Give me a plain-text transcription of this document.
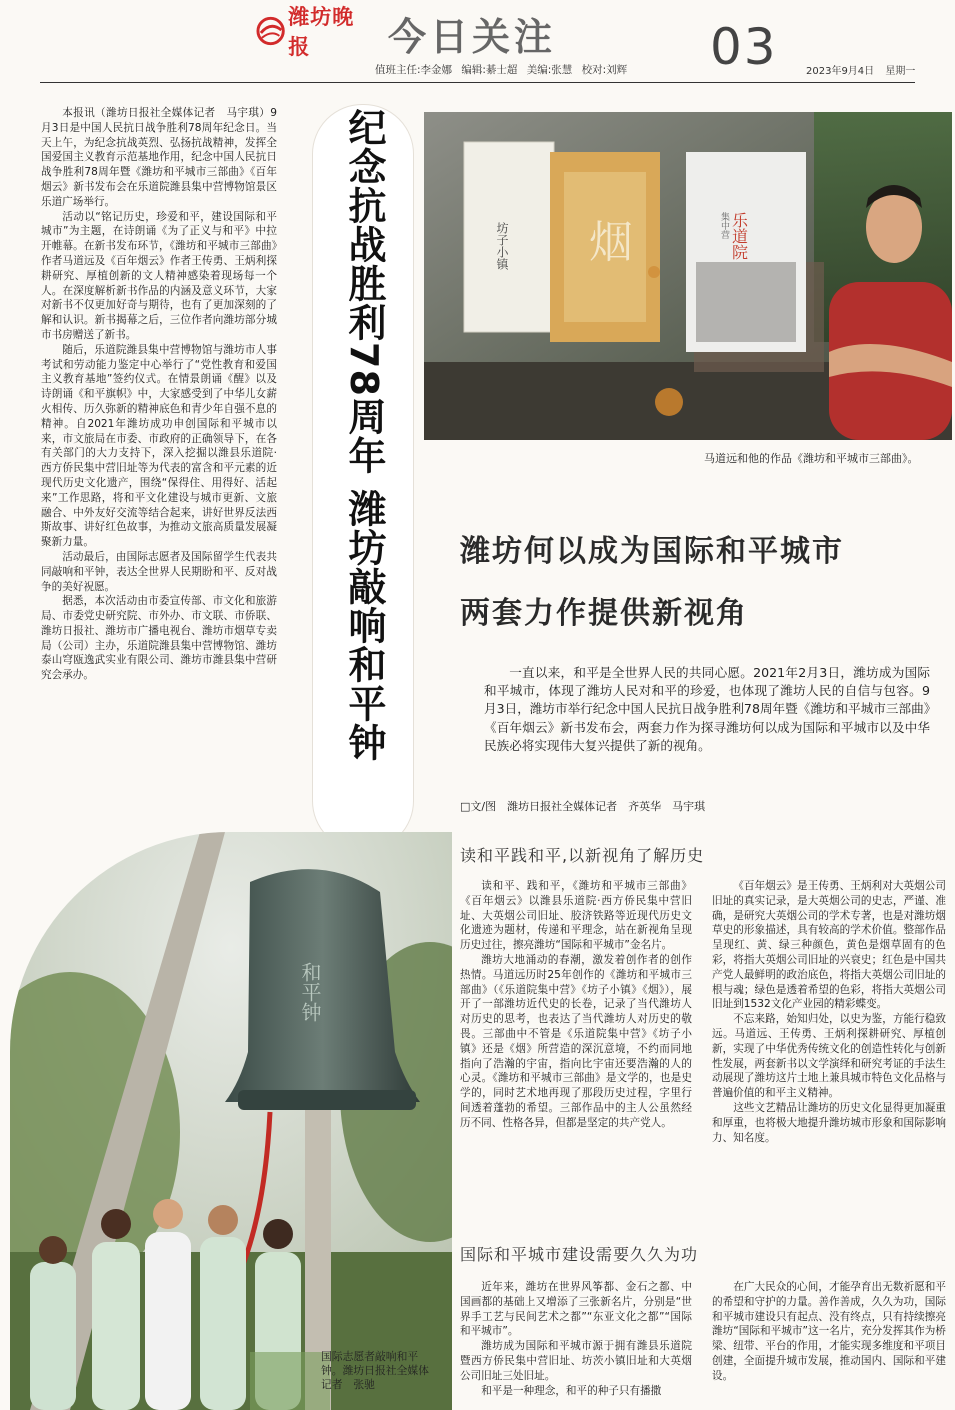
潍坊晚报	今日关注	03
值班主任:李金娜 编辑:綦士超 美编:张慧 校对:刘辉	2023年9月4日 星期一

本报讯（潍坊日报社全媒体记者　马宇琪）9月3日是中国人民抗日战争胜利78周年纪念日。当天上午，为纪念抗战英烈、弘扬抗战精神，发挥全国爱国主义教育示范基地作用，纪念中国人民抗日战争胜利78周年暨《潍坊和平城市三部曲》《百年烟云》新书发布会在乐道院潍县集中营博物馆景区乐道广场举行。

活动以“铭记历史，珍爱和平，建设国际和平城市”为主题，在诗朗诵《为了正义与和平》中拉开帷幕。在新书发布环节，《潍坊和平城市三部曲》作者马道远及《百年烟云》作者王传勇、王炳利探耕研究、厚植创新的文人精神感染着现场每一个人。在深度解析新书作品的内涵及意义环节，大家对新书不仅更加好奇与期待，也有了更加深刻的了解和认识。新书揭幕之后，三位作者向潍坊部分城市书房赠送了新书。

随后，乐道院潍县集中营博物馆与潍坊市人事考试和劳动能力鉴定中心举行了“党性教育和爱国主义教育基地”签约仪式。在情景朗诵《醒》以及诗朗诵《和平旗帜》中，大家感受到了中华儿女薪火相传、历久弥新的精神底色和青少年自强不息的精神。自2021年潍坊成功申创国际和平城市以来，市文旅局在市委、市政府的正确领导下，在各有关部门的大力支持下，深入挖掘以潍县乐道院·西方侨民集中营旧址等为代表的富含和平元素的近现代历史文化遗产，围绕“保得住、用得好、活起来”工作思路，将和平文化建设与城市更新、文旅融合、中外友好交流等结合起来，讲好世界反法西斯故事、讲好红色故事，为推动文旅高质量发展凝聚新力量。

活动最后，由国际志愿者及国际留学生代表共同敲响和平钟，表达全世界人民期盼和平、反对战争的美好祝愿。

据悉，本次活动由市委宣传部、市文化和旅游局、市委党史研究院、市外办、市文联、市侨联、潍坊日报社、潍坊市广播电视台、潍坊市烟草专卖局（公司）主办，乐道院潍县集中营博物馆、潍坊泰山穹瓯逸武实业有限公司、潍坊市潍县集中营研究会承办。	纪念抗战胜利78周年 潍坊敲响和平钟	坊子小镇 烟	乐道院
集中营
马道远和他的作品《潍坊和平城市三部曲》。
潍坊何以成为国际和平城市
两套力作提供新视角

一直以来，和平是全世界人民的共同心愿。2021年2月3日，潍坊成为国际和平城市，体现了潍坊人民对和平的珍爱，也体现了潍坊人民的自信与包容。9月3日，潍坊市举行纪念中国人民抗日战争胜利78周年暨《潍坊和平城市三部曲》《百年烟云》新书发布会，两套力作为探寻潍坊何以成为国际和平城市以及中华民族必将实现伟大复兴提供了新的视角。

□文/图　潍坊日报社全媒体记者　齐英华　马宇琪
读和平践和平,以新视角了解历史

读和平、践和平，《潍坊和平城市三部曲》《百年烟云》以潍县乐道院·西方侨民集中营旧址、大英烟公司旧址、胶济铁路等近现代历史文化遗迹为题材，传递和平理念，站在新视角呈现历史过往，擦亮潍坊“国际和平城市”金名片。

潍坊大地涌动的春潮，激发着创作者的创作热情。马道远历时25年创作的《潍坊和平城市三部曲》（《乐道院集中营》《坊子小镇》《烟》），展开了一部潍坊近代史的长卷，记录了当代潍坊人对历史的思考，也表达了当代潍坊人对历史的敬畏。三部曲中不管是《乐道院集中营》《坊子小镇》还是《烟》所营造的深沉意境，不约而同地指向了浩瀚的宇宙，指向比宇宙还要浩瀚的人的心灵。《潍坊和平城市三部曲》是文学的，也是史学的，同时艺术地再现了那段历史过程，字里行间透着蓬勃的希望。三部作品中的主人公虽然经历不同、性格各异，但都是坚定的共产党人。

《百年烟云》是王传勇、王炳利对大英烟公司旧址的真实记录，是大英烟公司的史志，严谨、准确，是研究大英烟公司的学术专著，也是对潍坊烟草史的形象描述，具有较高的学术价值。整部作品呈现红、黄、绿三种颜色，黄色是烟草固有的色彩，将指大英烟公司旧址的兴衰史；红色是中国共产党人最鲜明的政治底色，将指大英烟公司旧址的根与魂；绿色是透着希望的色彩，将指大英烟公司旧址到1532文化产业园的精彩蝶变。

不忘来路，始知归处，以史为鉴，方能行稳致远。马道远、王传勇、王炳利探耕研究、厚植创新，实现了中华优秀传统文化的创造性转化与创新性发展，两套新书以文学演绎和研究考证的手法生动展现了潍坊这片土地上兼具城市特色文化品格与普遍价值的和平主义精神。

这些文艺精品让潍坊的历史文化显得更加凝重和厚重，也将极大地提升潍坊城市形象和国际影响力、知名度。

国际和平城市建设需要久久为功

近年来，潍坊在世界风筝都、金石之都、中国画都的基础上又增添了三张新名片，分别是“世界手工艺与民间艺术之都”“东亚文化之都”“国际和平城市”。

潍坊成为国际和平城市源于拥有潍县乐道院暨西方侨民集中营旧址、坊茨小镇旧址和大英烟公司旧址三处旧址。

和平是一种理念，和平的种子只有播撒

在广大民众的心间，才能孕育出无数祈愿和平的希望和守护的力量。善作善成，久久为功，国际和平城市建设只有起点、没有终点，只有持续擦亮潍坊“国际和平城市”这一名片，充分发挥其作为桥梁、纽带、平台的作用，才能实现多维度和平项目创建，全面提升城市发展，推动国内、国际和平建设。

和平钟
国际志愿者敲响和平钟。潍坊日报社全媒体记者　张驰
